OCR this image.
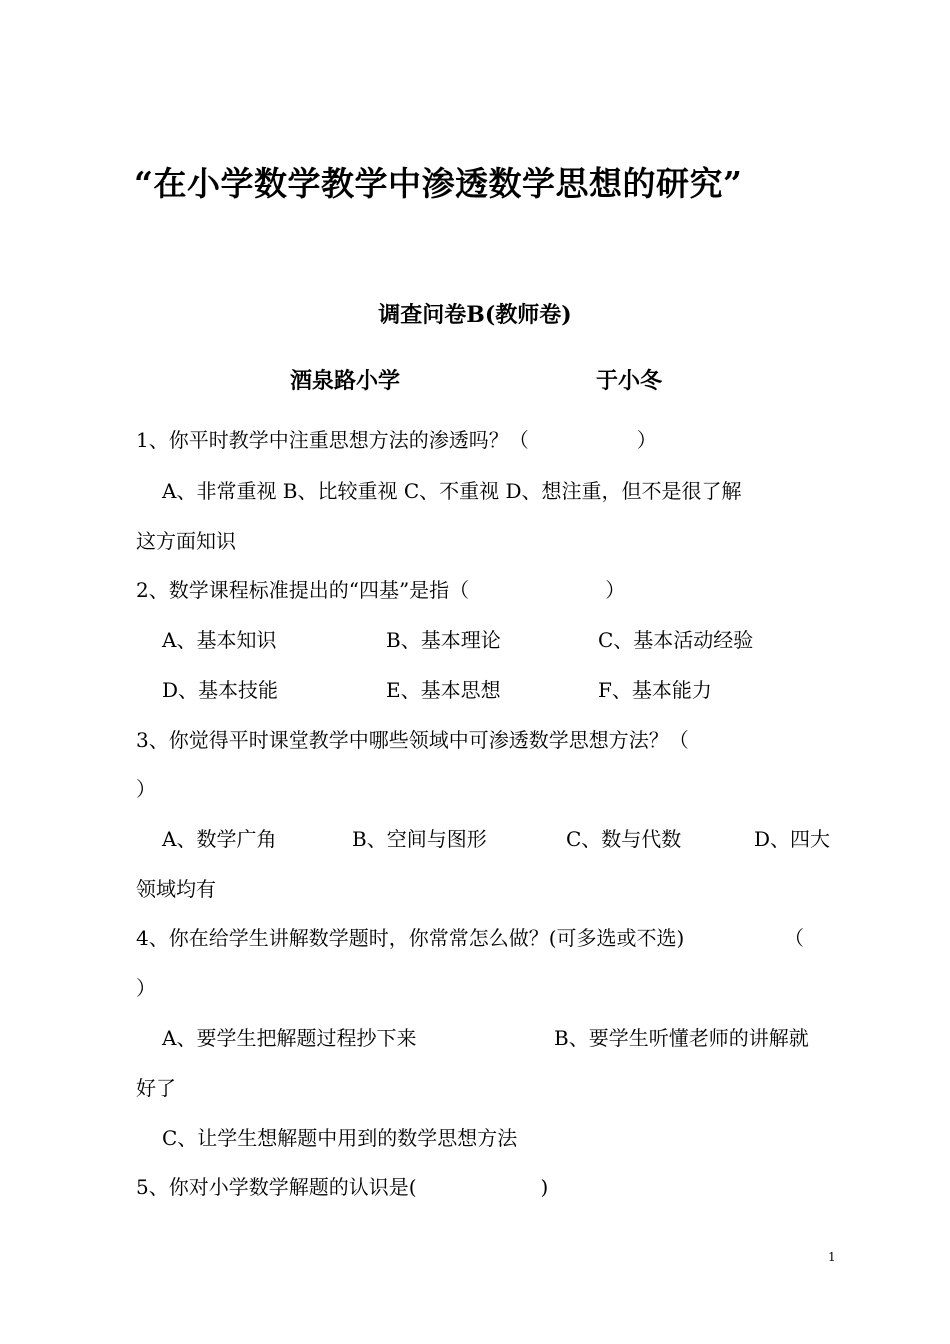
“在小学数学教学中渗透数学思想的研究”
调查问卷B(教师卷)
酒泉路小学	于小冬
1、你平时教学中注重思想方法的渗透吗？（	）
A、非常重视 B、比较重视 C、不重视 D、想注重，但不是很了解
这方面知识
2、数学课程标准提出的“四基”是指（	）
A、基本知识	B、基本理论	C、基本活动经验
D、基本技能	E、基本思想	F、基本能力
3、你觉得平时课堂教学中哪些领域中可渗透数学思想方法？（
）
A、数学广角	B、空间与图形	C、数与代数	D、四大
领域均有
4、你在给学生讲解数学题时，你常常怎么做？(可多选或不选)	（
）
A、要学生把解题过程抄下来	B、要学生听懂老师的讲解就
好了
C、让学生想解题中用到的数学思想方法
5、你对小学数学解题的认识是(	)
1
